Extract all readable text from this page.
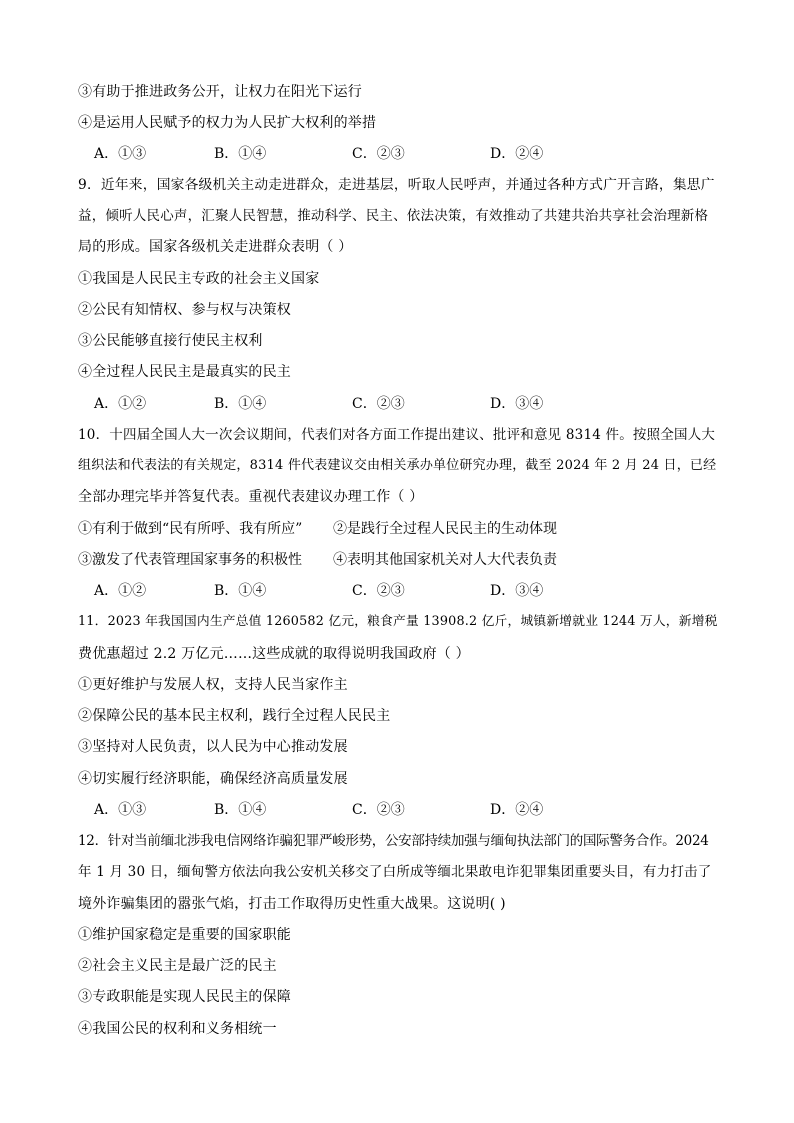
③有助于推进政务公开，让权力在阳光下运行
④是运用人民赋予的权力为人民扩大权利的举措
A．①③	B．①④	C．②③	D．②④
9．近年来，国家各级机关主动走进群众，走进基层，听取人民呼声，并通过各种方式广开言路，集思广
益，倾听人民心声，汇聚人民智慧，推动科学、民主、依法决策，有效推动了共建共治共享社会治理新格
局的形成。国家各级机关走进群众表明（ ）
①我国是人民民主专政的社会主义国家
②公民有知情权、参与权与决策权
③公民能够直接行使民主权利
④全过程人民民主是最真实的民主
A．①②	B．①④	C．②③	D．③④
10．十四届全国人大一次会议期间，代表们对各方面工作提出建议、批评和意见 8314 件。按照全国人大
组织法和代表法的有关规定，8314 件代表建议交由相关承办单位研究办理，截至 2024 年 2 月 24 日，已经
全部办理完毕并答复代表。重视代表建议办理工作（ ）
①有利于做到“民有所呼、我有所应” ②是践行全过程人民民主的生动体现
③激发了代表管理国家事务的积极性 ④表明其他国家机关对人大代表负责
A．①②	B．①④	C．②③	D．③④
11．2023 年我国国内生产总值 1260582 亿元，粮食产量 13908.2 亿斤，城镇新增就业 1244 万人，新增税
费优惠超过 2.2 万亿元……这些成就的取得说明我国政府（ ）
①更好维护与发展人权，支持人民当家作主
②保障公民的基本民主权利，践行全过程人民民主
③坚持对人民负责，以人民为中心推动发展
④切实履行经济职能，确保经济高质量发展
A．①③	B．①④	C．②③	D．②④
12．针对当前缅北涉我电信网络诈骗犯罪严峻形势，公安部持续加强与缅甸执法部门的国际警务合作。2024
年 1 月 30 日，缅甸警方依法向我公安机关移交了白所成等缅北果敢电诈犯罪集团重要头目，有力打击了
境外诈骗集团的嚣张气焰，打击工作取得历史性重大战果。这说明( )
①维护国家稳定是重要的国家职能
②社会主义民主是最广泛的民主
③专政职能是实现人民民主的保障
④我国公民的权利和义务相统一
